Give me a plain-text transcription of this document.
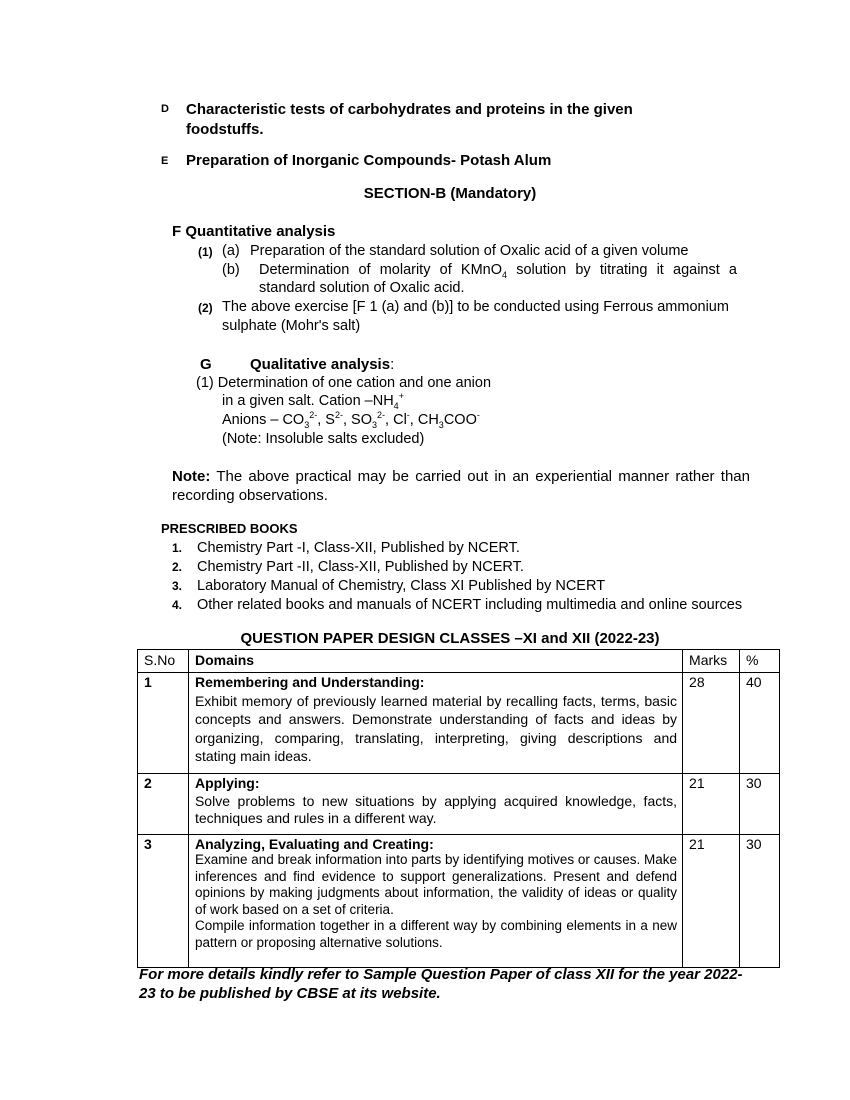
D Characteristic tests of carbohydrates and proteins in the given
foodstuffs.
E Preparation of Inorganic Compounds- Potash Alum
SECTION-B (Mandatory)
F Quantitative analysis
(1) (a) Preparation of the standard solution of Oxalic acid of a given volume
(b) Determination of molarity of KMnO$_4$ solution by titrating it against a
standard solution of Oxalic acid.
(2) The above exercise [F 1 (a) and (b)] to be conducted using Ferrous ammonium
sulphate (Mohr's salt)
G	Qualitative analysis:
(1) Determination of one cation and one anion
in a given salt. Cation $-NH_4^+$
Anions – $CO_3^{2-}$, $S^{2-}$, $SO_3^{2-}$, Cl-, $CH_3COO^-$
(Note: Insoluble salts excluded)
Note: The above practical may be carried out in an experiential manner rather than recording observations.
PRESCRIBED BOOKS
1.	Chemistry Part -I, Class-XII, Published by NCERT.
2.	Chemistry Part -II, Class-XII, Published by NCERT.
3.	Laboratory Manual of Chemistry, Class XI Published by NCERT
4.	Other related books and manuals of NCERT including multimedia and online sources
QUESTION PAPER DESIGN CLASSES –XI and XII (2022-23)
S.No	Domains	Marks	%
1	Remembering and Understanding:
Exhibit memory of previously learned material by recalling facts, terms, basic concepts and answers. Demonstrate understanding of facts and ideas by organizing, comparing, translating, interpreting, giving descriptions and stating main ideas.	28	40
2	Applying:
Solve problems to new situations by applying acquired knowledge, facts, techniques and rules in a different way.	21	30
3	Analyzing, Evaluating and Creating:
Examine and break information into parts by identifying motives or causes. Make inferences and find evidence to support generalizations. Present and defend opinions by making judgments about information, the validity of ideas or quality of work based on a set of criteria.
Compile information together in a different way by combining elements in a new pattern or proposing alternative solutions.	21	30
For more details kindly refer to Sample Question Paper of class XII for the year 2022-23 to be published by CBSE at its website.
